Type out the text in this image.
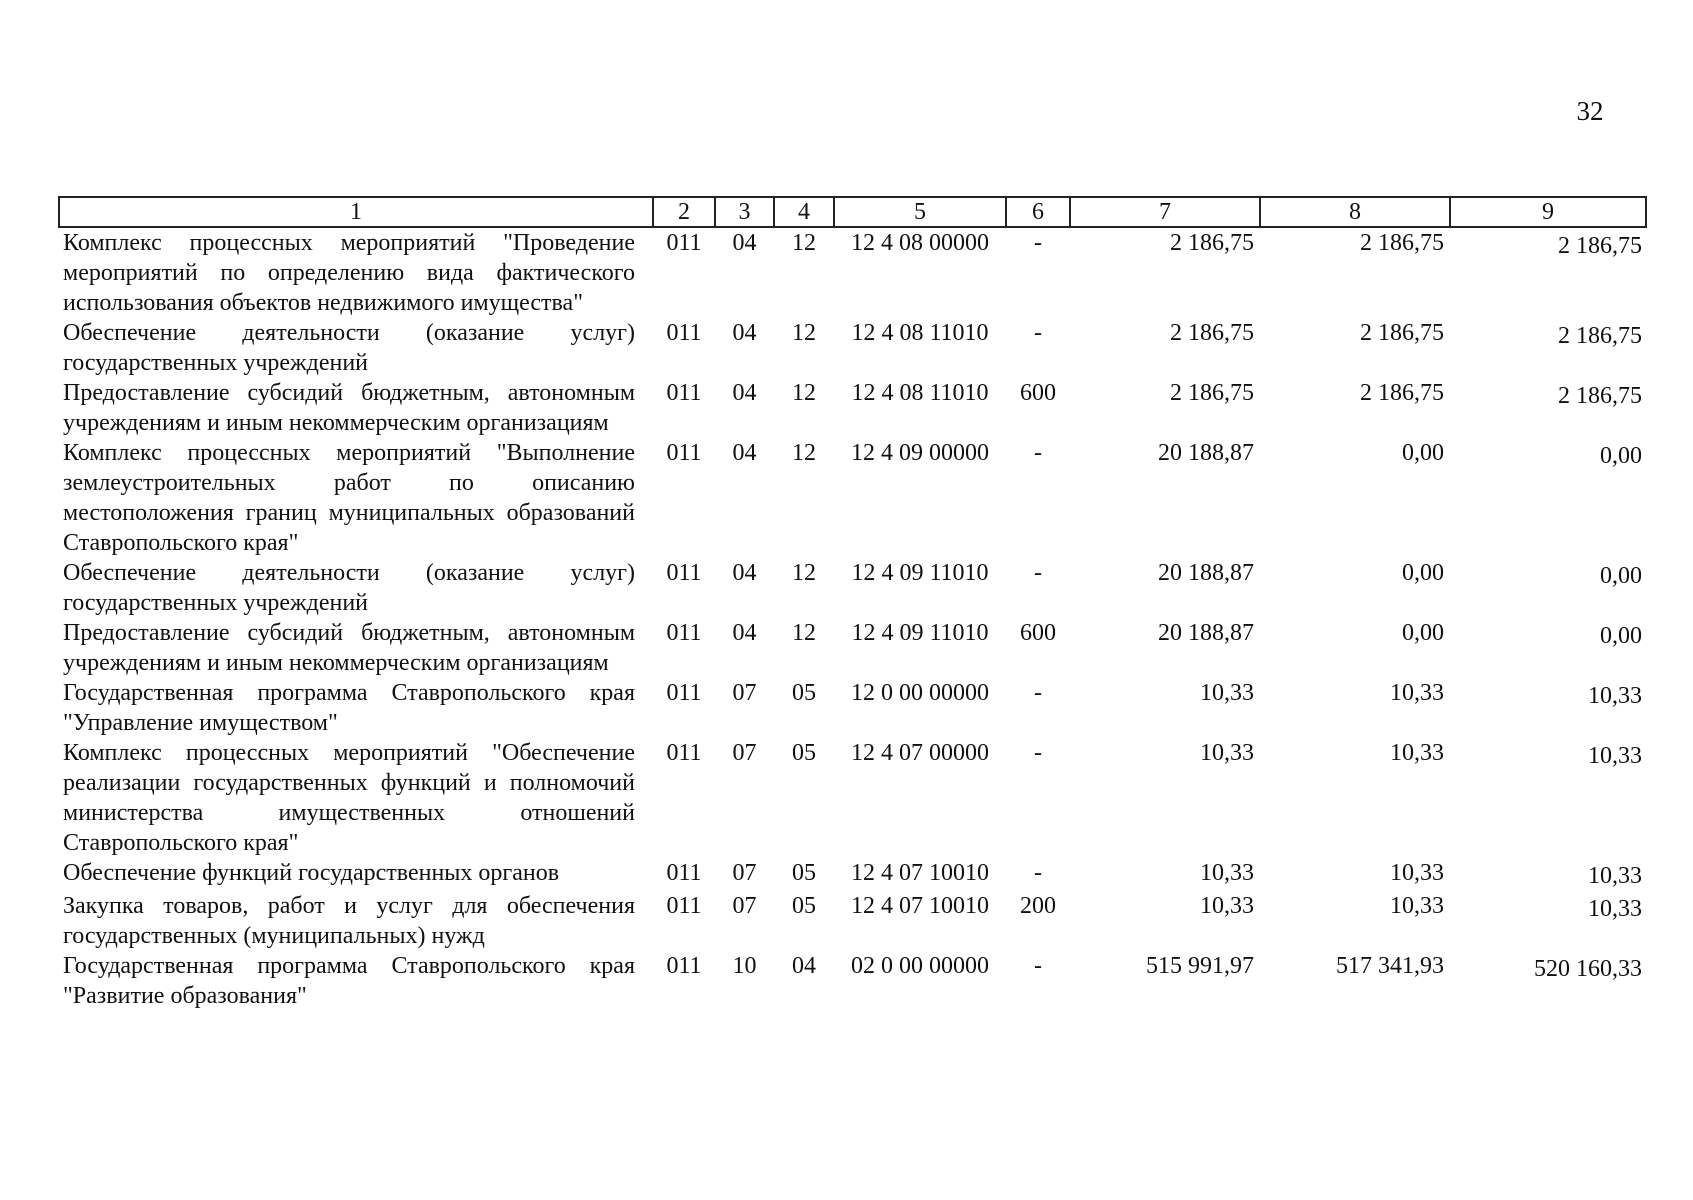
32
1	2	3	4	5	6	7	8	9
Комплекс процессных мероприятий "Проведение мероприятий по определению вида фактического использования объектов недвижимого имущества"	011	04	12	12 4 08 00000	-	2 186,75	2 186,75	2 186,75
Обеспечение деятельности (оказание услуг) государственных учреждений	011	04	12	12 4 08 11010	-	2 186,75	2 186,75	2 186,75
Предоставление субсидий бюджетным, автономным учреждениям и иным некоммерческим организациям	011	04	12	12 4 08 11010	600	2 186,75	2 186,75	2 186,75
Комплекс процессных мероприятий "Выполнение землеустроительных работ по описанию местоположения границ муниципальных образований Ставропольского края"	011	04	12	12 4 09 00000	-	20 188,87	0,00	0,00
Обеспечение деятельности (оказание услуг) государственных учреждений	011	04	12	12 4 09 11010	-	20 188,87	0,00	0,00
Предоставление субсидий бюджетным, автономным учреждениям и иным некоммерческим организациям	011	04	12	12 4 09 11010	600	20 188,87	0,00	0,00
Государственная программа Ставропольского края "Управление имуществом"	011	07	05	12 0 00 00000	-	10,33	10,33	10,33
Комплекс процессных мероприятий "Обеспечение реализации государственных функций и полномочий министерства имущественных отношений Ставропольского края"	011	07	05	12 4 07 00000	-	10,33	10,33	10,33
Обеспечение функций государственных органов	011	07	05	12 4 07 10010	-	10,33	10,33	10,33
Закупка товаров, работ и услуг для обеспечения государственных (муниципальных) нужд	011	07	05	12 4 07 10010	200	10,33	10,33	10,33
Государственная программа Ставропольского края "Развитие образования"	011	10	04	02 0 00 00000	-	515 991,97	517 341,93	520 160,33
